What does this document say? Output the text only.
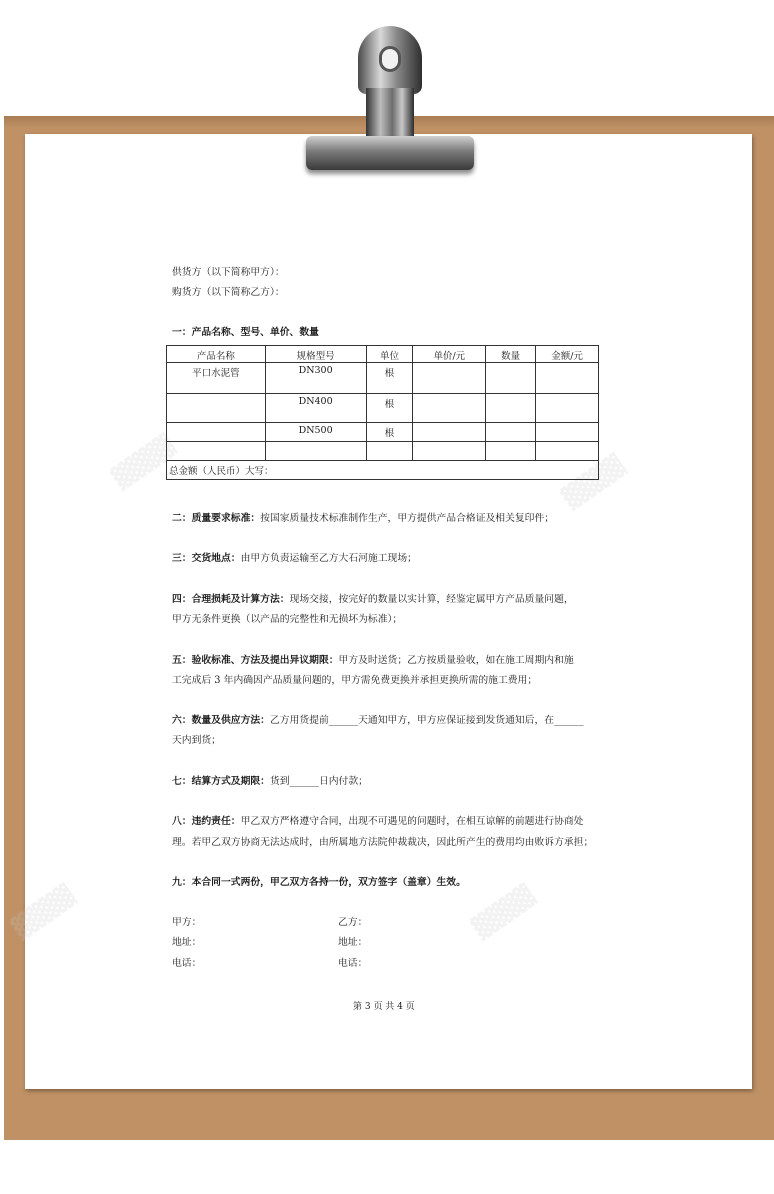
▓▓▓▓	▓▓▓▓
▓▓▓▓	▓▓▓▓
供货方（以下简称甲方）：
购货方（以下简称乙方）：
一：产品名称、型号、单价、数量
产品名称	规格型号	单位	单价/元	数量	金额/元
平口水泥管	DN300	根			
	DN400	根			
	DN500	根			

总金额（人民币）大写：					
二：质量要求标准：按国家质量技术标准制作生产，甲方提供产品合格证及相关复印件；
三：交货地点：由甲方负责运输至乙方大石河施工现场；
四：合理损耗及计算方法：现场交接，按完好的数量以实计算，经鉴定属甲方产品质量问题，
甲方无条件更换（以产品的完整性和无损坏为标准）；
五：验收标准、方法及提出异议期限：甲方及时送货；乙方按质量验收，如在施工周期内和施
工完成后 3 年内确因产品质量问题的，甲方需免费更换并承担更换所需的施工费用；
六：数量及供应方法：乙方用货提前______天通知甲方，甲方应保证接到发货通知后，在______
天内到货；
七：结算方式及期限：货到______日内付款；
八：违约责任：甲乙双方严格遵守合同，出现不可遇见的问题时，在相互谅解的前题进行协商处
理。若甲乙双方协商无法达成时，由所属地方法院仲裁裁决，因此所产生的费用均由败诉方承担；
九：本合同一式两份，甲乙双方各持一份，双方签字（盖章）生效。
甲方：	乙方：
地址：	地址：
电话：	电话：
第 3 页 共 4 页
